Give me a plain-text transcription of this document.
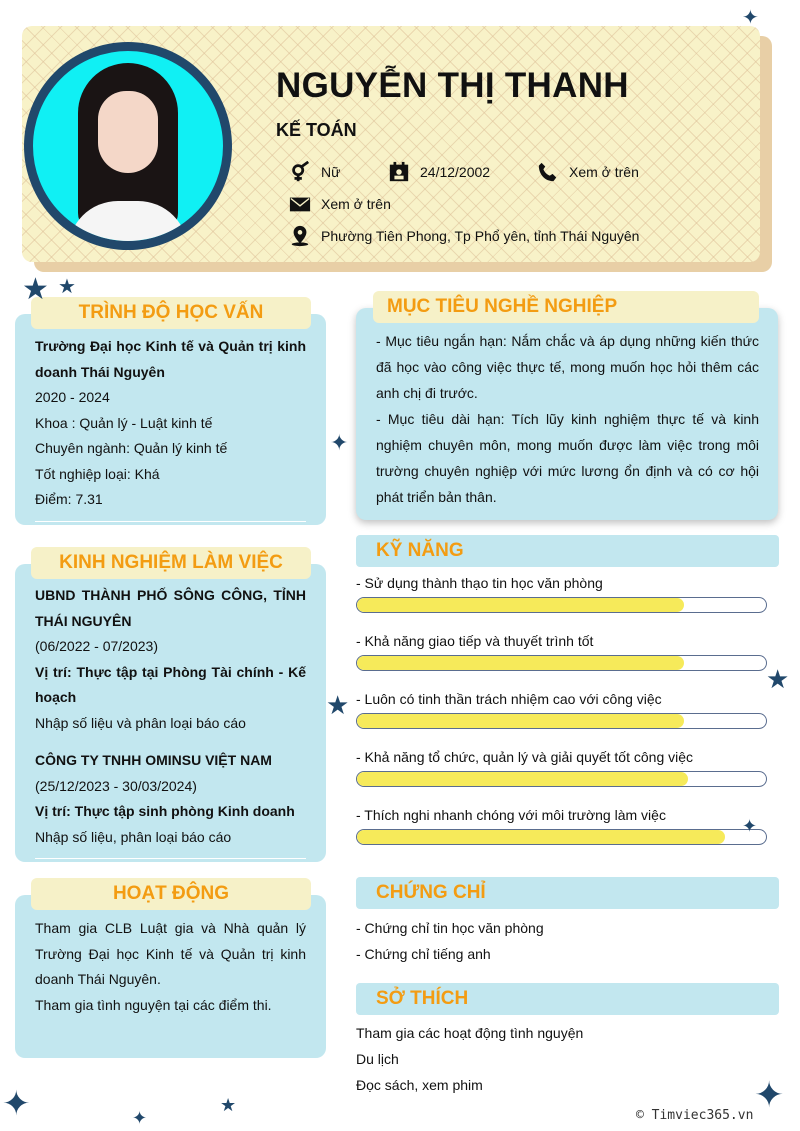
NGUYỄN THỊ THANH
KẾ TOÁN
Nữ	24/12/2002	Xem ở trên
Xem ở trên
Phường Tiên Phong, Tp Phổ yên, tỉnh Thái Nguyên
TRÌNH ĐỘ HỌC VẤN

Trường Đại học Kinh tế và Quản trị kinh doanh Thái Nguyên

2020 - 2024

Khoa : Quản lý - Luật kinh tế

Chuyên ngành: Quản lý kinh tế

Tốt nghiệp loại: Khá

Điểm: 7.31

KINH NGHIỆM LÀM VIỆC

UBND THÀNH PHỐ SÔNG CÔNG, TỈNH THÁI NGUYÊN

(06/2022 - 07/2023)

Vị trí: Thực tập tại Phòng Tài chính - Kế hoạch

Nhập số liệu và phân loại báo cáo

CÔNG TY TNHH OMINSU VIỆT NAM

(25/12/2023 - 30/03/2024)

Vị trí: Thực tập sinh phòng Kinh doanh

Nhập số liệu, phân loại báo cáo

HOẠT ĐỘNG

Tham gia CLB Luật gia và Nhà quản lý Trường Đại học Kinh tế và Quản trị kinh doanh Thái Nguyên.

Tham gia tình nguyện tại các điểm thi.

MỤC TIÊU NGHỀ NGHIỆP

- Mục tiêu ngắn hạn: Nắm chắc và áp dụng những kiến thức đã học vào công việc thực tế, mong muốn học hỏi thêm các anh chị đi trước.

- Mục tiêu dài hạn: Tích lũy kinh nghiệm thực tế và kinh nghiệm chuyên môn, mong muốn được làm việc trong môi trường chuyên nghiệp với mức lương ổn định và có cơ hội phát triển bản thân.

KỸ NĂNG
- Sử dụng thành thạo tin học văn phòng
- Khả năng giao tiếp và thuyết trình tốt
- Luôn có tinh thần trách nhiệm cao với công việc
- Khả năng tổ chức, quản lý và giải quyết tốt công việc
- Thích nghi nhanh chóng với môi trường làm việc
CHỨNG CHỈ

- Chứng chỉ tin học văn phòng

- Chứng chỉ tiếng anh

SỞ THÍCH

Tham gia các hoạt động tình nguyện

Du lịch

Đọc sách, xem phim

★ ★
✦
★
★
✦
✦	★
✦
✦
✦
© Timviec365.vn
